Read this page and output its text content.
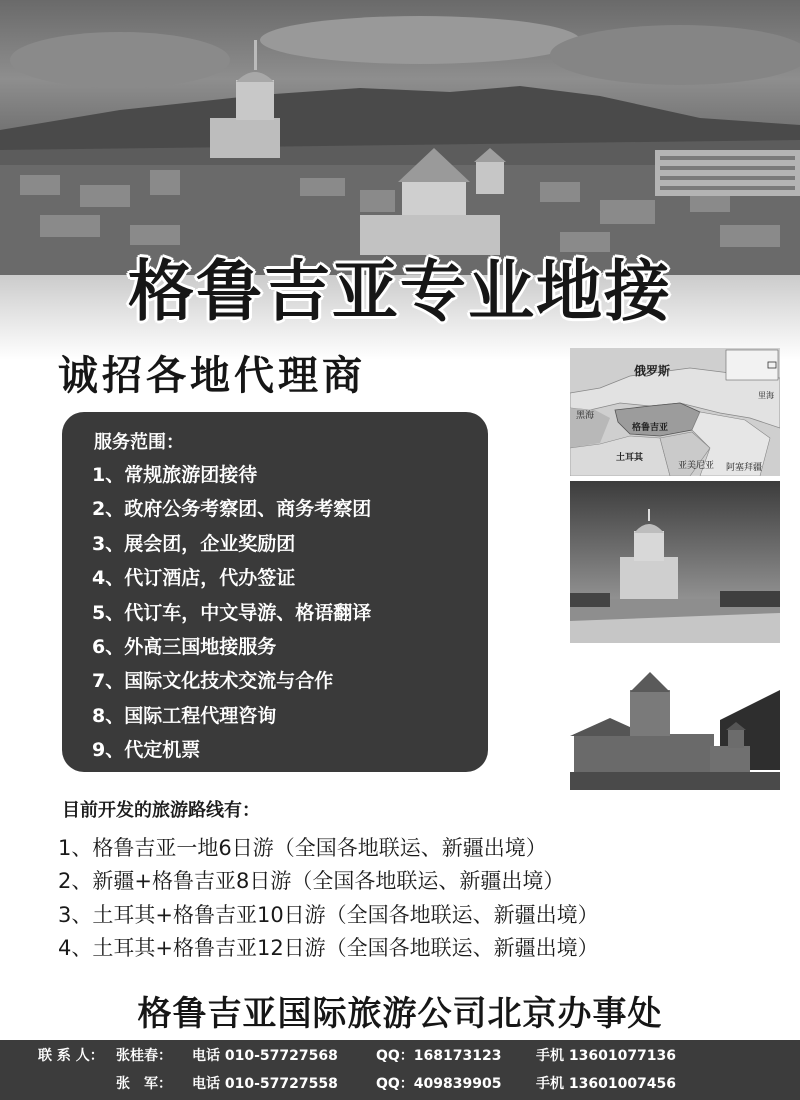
格鲁吉亚专业地接
诚招各地代理商
服务范围：
1、常规旅游团接待
2、政府公务考察团、商务考察团
3、展会团，企业奖励团
4、代订酒店，代办签证
5、代订车，中文导游、格语翻译
6、外高三国地接服务
7、国际文化技术交流与合作
8、国际工程代理咨询
9、代定机票
俄罗斯
黑海
格鲁吉亚
土耳其
亚美尼亚 阿塞拜疆
里海
目前开发的旅游路线有：
1、格鲁吉亚一地6日游（全国各地联运、新疆出境）
2、新疆+格鲁吉亚8日游（全国各地联运、新疆出境）
3、土耳其+格鲁吉亚10日游（全国各地联运、新疆出境）
4、土耳其+格鲁吉亚12日游（全国各地联运、新疆出境）
格鲁吉亚国际旅游公司北京办事处
联 系 人： 张桂春： 电话 010-57727568	QQ：168173123 手机 13601077136
张　军： 电话 010-57727558	QQ：409839905 手机 13601007456
